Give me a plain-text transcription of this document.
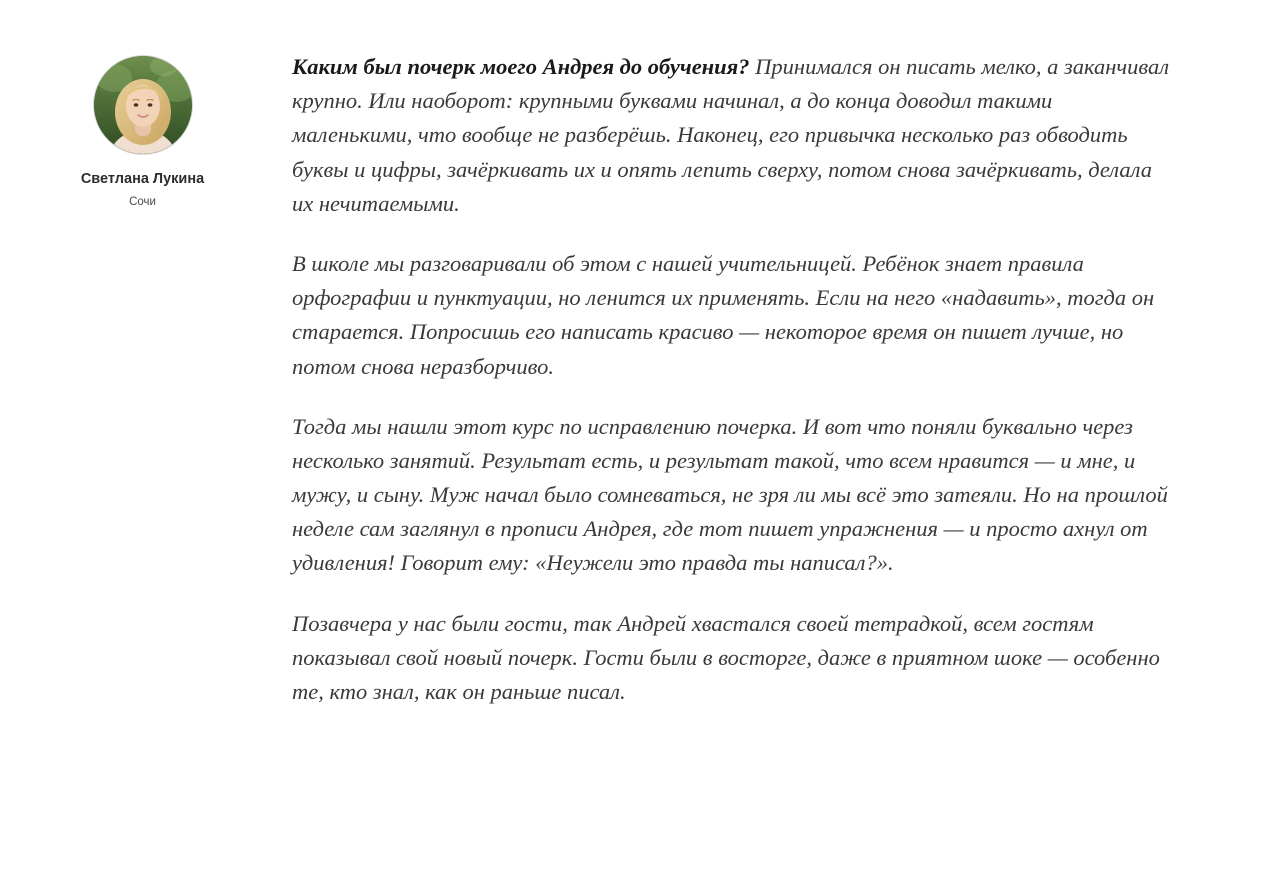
Светлана Лукина
Сочи

Каким был почерк моего Андрея до обучения? Принимался он писать мелко, а заканчивал крупно. Или наоборот: крупными буквами начинал, а до конца доводил такими маленькими, что вообще не разберёшь. Наконец, его привычка несколько раз обводить буквы и цифры, зачёркивать их и опять лепить сверху, потом снова зачёркивать, делала их нечитаемыми.

В школе мы разговаривали об этом с нашей учительницей. Ребёнок знает правила орфографии и пунктуации, но ленится их применять. Если на него «надавить», тогда он старается. Попросишь его написать красиво — некоторое время он пишет лучше, но потом снова неразборчиво.

Тогда мы нашли этот курс по исправлению почерка. И вот что поняли буквально через несколько занятий. Результат есть, и результат такой, что всем нравится — и мне, и мужу, и сыну. Муж начал было сомневаться, не зря ли мы всё это затеяли. Но на прошлой неделе сам заглянул в прописи Андрея, где тот пишет упражнения — и просто ахнул от удивления! Говорит ему: «Неужели это правда ты написал?».

Позавчера у нас были гости, так Андрей хвастался своей тетрадкой, всем гостям показывал свой новый почерк. Гости были в восторге, даже в приятном шоке — особенно те, кто знал, как он раньше писал.
